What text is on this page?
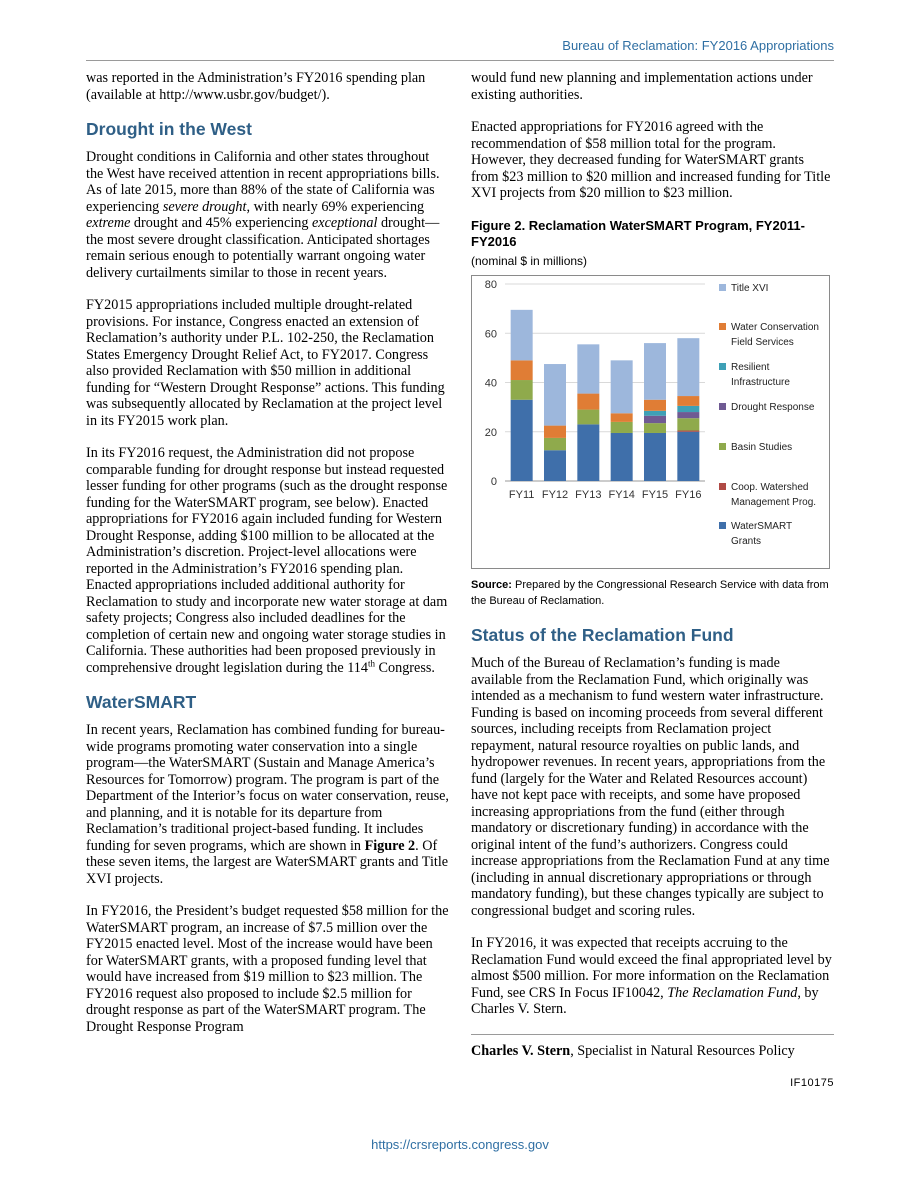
Bureau of Reclamation: FY2016 Appropriations

was reported in the Administration’s FY2016 spending plan (available at http://www.usbr.gov/budget/).

Drought in the West

Drought conditions in California and other states throughout the West have received attention in recent appropriations bills. As of late 2015, more than 88% of the state of California was experiencing severe drought, with nearly 69% experiencing extreme drought and 45% experiencing exceptional drought—the most severe drought classification. Anticipated shortages remain serious enough to potentially warrant ongoing water delivery curtailments similar to those in recent years.

FY2015 appropriations included multiple drought-related provisions. For instance, Congress enacted an extension of Reclamation’s authority under P.L. 102-250, the Reclamation States Emergency Drought Relief Act, to FY2017. Congress also provided Reclamation with $50 million in additional funding for “Western Drought Response” actions. This funding was subsequently allocated by Reclamation at the project level in its FY2015 work plan.

In its FY2016 request, the Administration did not propose comparable funding for drought response but instead requested lesser funding for other programs (such as the drought response funding for the WaterSMART program, see below). Enacted appropriations for FY2016 again included funding for Western Drought Response, adding $100 million to be allocated at the Administration’s discretion. Project-level allocations were reported in the Administration’s FY2016 spending plan. Enacted appropriations included additional authority for Reclamation to study and incorporate new water storage at dam safety projects; Congress also included deadlines for the completion of certain new and ongoing water storage studies in California. These authorities had been proposed previously in comprehensive drought legislation during the 114th Congress.

WaterSMART

In recent years, Reclamation has combined funding for bureau-wide programs promoting water conservation into a single program—the WaterSMART (Sustain and Manage America’s Resources for Tomorrow) program. The program is part of the Department of the Interior’s focus on water conservation, reuse, and planning, and it is notable for its departure from Reclamation’s traditional project-based funding. It includes funding for seven programs, which are shown in Figure 2. Of these seven items, the largest are WaterSMART grants and Title XVI projects.

In FY2016, the President’s budget requested $58 million for the WaterSMART program, an increase of $7.5 million over the FY2015 enacted level. Most of the increase would have been for WaterSMART grants, with a proposed funding level that would have increased from $19 million to $23 million. The FY2016 request also proposed to include $2.5 million for drought response as part of the WaterSMART program. The Drought Response Program

would fund new planning and implementation actions under existing authorities.

Enacted appropriations for FY2016 agreed with the recommendation of $58 million total for the program. However, they decreased funding for WaterSMART grants from $23 million to $20 million and increased funding for Title XVI projects from $20 million to $23 million.

Figure 2. Reclamation WaterSMART Program, FY2011-FY2016
(nominal $ in millions)
0
20
40
60
80
FY11 FY12 FY13 FY14 FY15 FY16
Title XVI
Water Conservation Field Services
Resilient Infrastructure
Drought Response
Basin Studies
Coop. Watershed Management Prog.
WaterSMART Grants
Source: Prepared by the Congressional Research Service with data from the Bureau of Reclamation.
Status of the Reclamation Fund

Much of the Bureau of Reclamation’s funding is made available from the Reclamation Fund, which originally was intended as a mechanism to fund western water infrastructure. Funding is based on incoming proceeds from several different sources, including receipts from Reclamation project repayment, natural resource royalties on public lands, and hydropower revenues. In recent years, appropriations from the fund (largely for the Water and Related Resources account) have not kept pace with receipts, and some have proposed increasing appropriations from the fund (either through mandatory or discretionary funding) in accordance with the original intent of the fund’s authorizers. Congress could increase appropriations from the Reclamation Fund at any time (including in annual discretionary appropriations or through mandatory funding), but these changes typically are subject to congressional budget and scoring rules.

In FY2016, it was expected that receipts accruing to the Reclamation Fund would exceed the final appropriated level by almost $500 million. For more information on the Reclamation Fund, see CRS In Focus IF10042, The Reclamation Fund, by Charles V. Stern.

Charles V. Stern, Specialist in Natural Resources Policy

IF10175
https://crsreports.congress.gov
